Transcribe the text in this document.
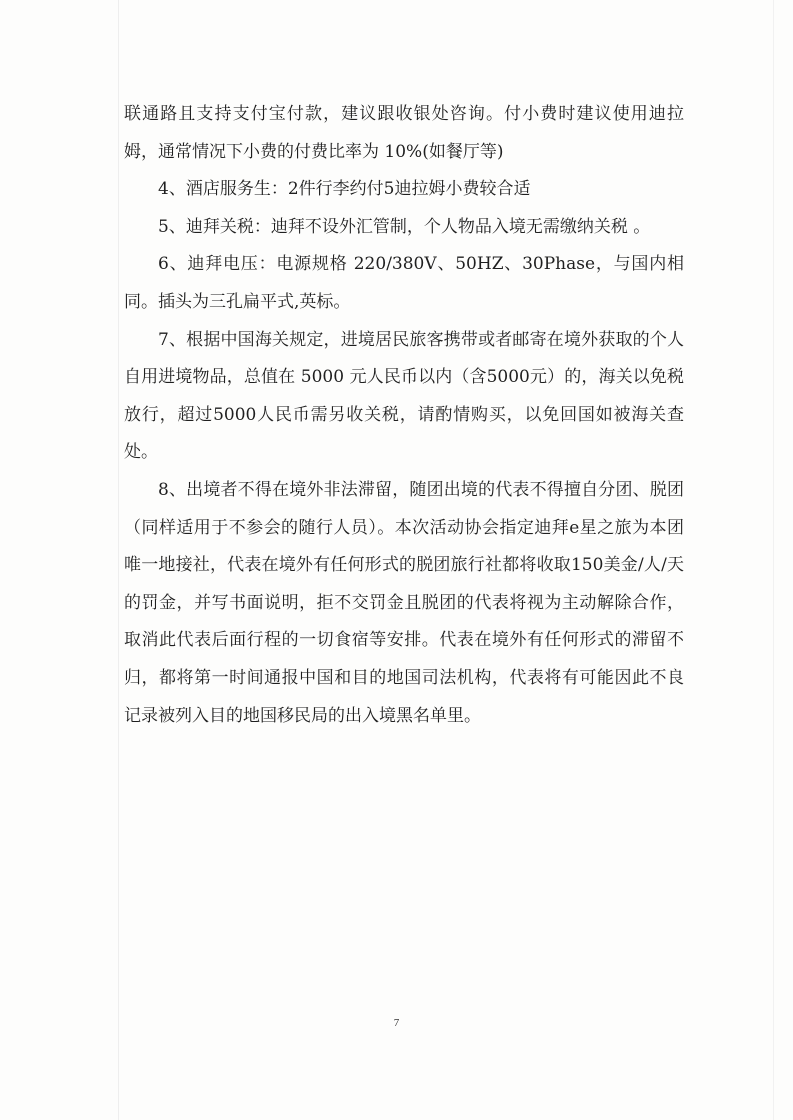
联通路且支持支付宝付款，建议跟收银处咨询。付小费时建议使用迪拉姆，通常情况下小费的付费比率为 10%(如餐厅等)

4、酒店服务生：2件行李约付5迪拉姆小费较合适

5、迪拜关税：迪拜不设外汇管制，个人物品入境无需缴纳关税 。

6、迪拜电压：电源规格 220/380V、50HZ、30Phase，与国内相同。插头为三孔扁平式,英标。

7、根据中国海关规定，进境居民旅客携带或者邮寄在境外获取的个人自用进境物品，总值在 5000 元人民币以内（含5000元）的，海关以免税放行，超过5000人民币需另收关税，请酌情购买，以免回国如被海关查处。

8、出境者不得在境外非法滞留，随团出境的代表不得擅自分团、脱团（同样适用于不参会的随行人员）。本次活动协会指定迪拜e星之旅为本团唯一地接社，代表在境外有任何形式的脱团旅行社都将收取150美金/人/天的罚金，并写书面说明，拒不交罚金且脱团的代表将视为主动解除合作，取消此代表后面行程的一切食宿等安排。代表在境外有任何形式的滞留不归，都将第一时间通报中国和目的地国司法机构，代表将有可能因此不良记录被列入目的地国移民局的出入境黑名单里。

7
